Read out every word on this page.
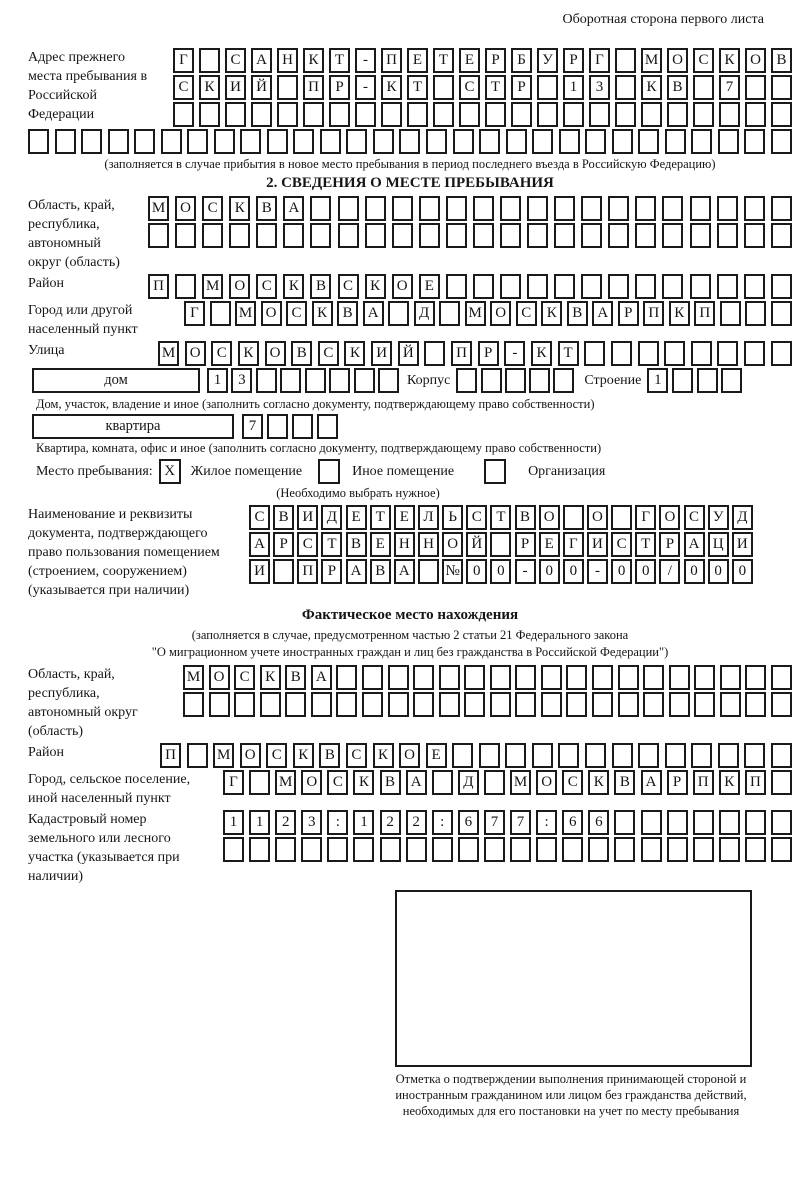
Оборотная сторона первого листа
Адрес прежнего места пребывания в Российской Федерации
Г	С	А	Н	К	Т	-	П	Е	Т	Е	Р	Б	У	Р	Г	М О	С	К	О	В
С	К	И	Й	П	Р	-	К	Т	С	Т	Р	1	3	К	В	7
(заполняется в случае прибытия в новое место пребывания в период последнего въезда в Российскую Федерацию)
2. СВЕДЕНИЯ О МЕСТЕ ПРЕБЫВАНИЯ
Область, край, республика, автономный округ (область)
М О	С	К	В	А
Район	П	М О	С	К	В	С	К	О	Е
Город или другой населенный пункт
Г	М О	С	К	В	А	Д	М О	С	К	В	А	Р	П	К	П
Улица	М О	С	К	О	В	С	К	И	Й	П	Р	-	К	Т
дом	1	3	Корпус	Строение 1
Дом, участок, владение и иное (заполнить согласно документу, подтверждающему право собственности)
квартира	7
Квартира, комната, офис и иное (заполнить согласно документу, подтверждающему право собственности)
Место пребывания: X	Жилое помещение	Иное помещение	Организация
(Необходимо выбрать нужное)
Наименование и реквизиты документа, подтверждающего право пользования помещением (строением, сооружением) (указывается при наличии)
С В И Д Е Т Е Л Ь С Т В О	О	Г О С У Д
А Р С Т В Е Н Н О Й	Р	Е	Г И С Т	Р А Ц И
И	П Р А В А	№ 0	0	-	0	0	-	0	0	/	0	0	0
Фактическое место нахождения
(заполняется в случае, предусмотренном частью 2 статьи 21 Федерального закона
"О миграционном учете иностранных граждан и лиц без гражданства в Российской Федерации")
Область, край, республика, автономный округ (область)
М О	С	К	В	А
Район	П	М О	С	К	В	С	К	О	Е
Город, сельское поселение, иной населенный пункт
Г	М О	С	К	В	А	Д	М О	С	К	В	А	Р	П	К	П
Кадастровый номер земельного или лесного участка (указывается при наличии)
1	1	2	3	:	1	2	2	:	6	7	7	:	6	6
Отметка о подтверждении выполнения принимающей стороной и иностранным гражданином или лицом без гражданства действий, необходимых для его постановки на учет по месту пребывания
